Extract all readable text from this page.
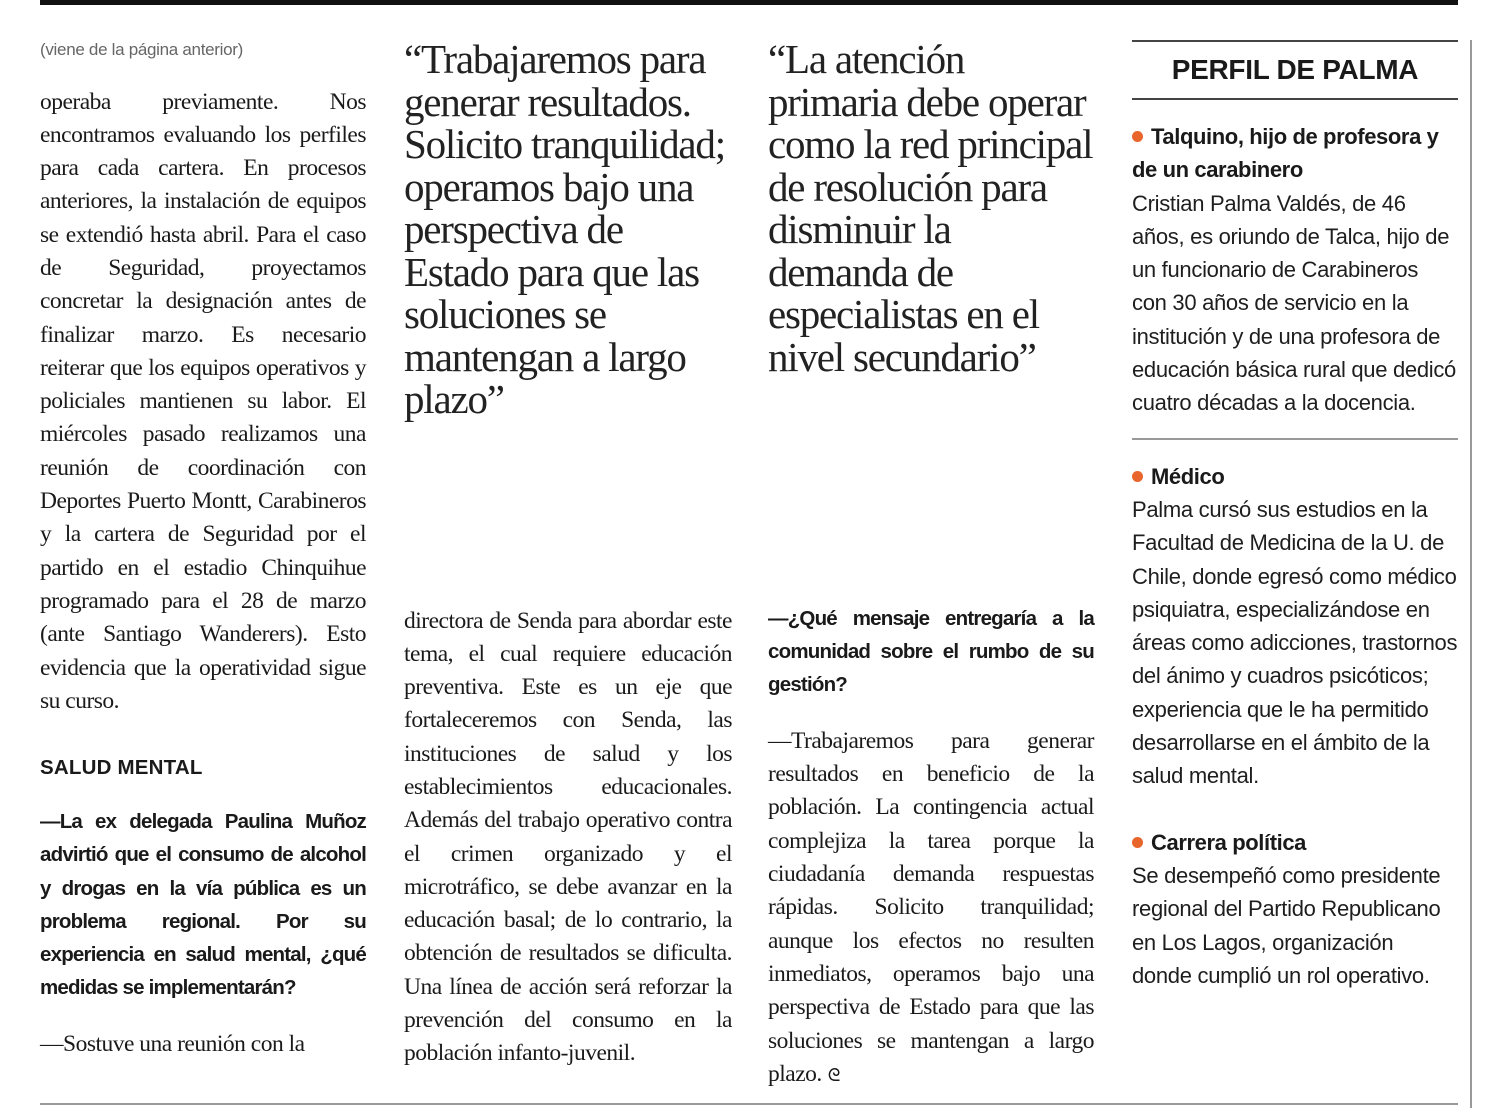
(viene de la página anterior)

operaba previamente. Nos encontramos evaluando los perfiles para cada cartera. En procesos anteriores, la instalación de equipos se extendió hasta abril. Para el caso de Seguridad, proyectamos concretar la designación antes de finalizar marzo. Es necesario reiterar que los equipos operativos y policiales mantienen su labor. El miércoles pasado realizamos una reunión de coordinación con Deportes Puerto Montt, Carabineros y la cartera de Seguridad por el partido en el estadio Chinquihue programado para el 28 de marzo (ante Santiago Wanderers). Esto evidencia que la operatividad sigue su curso.

SALUD MENTAL

—La ex delegada Paulina Muñoz advirtió que el consumo de alcohol y drogas en la vía pública es un problema regional. Por su experiencia en salud mental, ¿qué medidas se implementarán?

—Sostuve una reunión con la

“Trabajaremos para generar resultados. Solicito tranquilidad; operamos bajo una perspectiva de Estado para que las soluciones se mantengan a largo plazo”

directora de Senda para abordar este tema, el cual requiere educación preventiva. Este es un eje que fortaleceremos con Senda, las instituciones de salud y los establecimientos educacionales. Además del trabajo operativo contra el crimen organizado y el microtráfico, se debe avanzar en la educación basal; de lo contrario, la obtención de resultados se dificulta. Una línea de acción será reforzar la prevención del consumo en la población infanto-juvenil.

“La atención primaria debe operar como la red principal de resolución para disminuir la demanda de especialistas en el nivel secundario”

—¿Qué mensaje entregaría a la comunidad sobre el rumbo de su gestión?

—Trabajaremos para generar resultados en beneficio de la población. La contingencia actual complejiza la tarea porque la ciudadanía demanda respuestas rápidas. Solicito tranquilidad; aunque los efectos no resulten inmediatos, operamos bajo una perspectiva de Estado para que las soluciones se mantengan a largo plazo. ᘓ

PERFIL DE PALMA
Talquino, hijo de profesora y de un carabinero
Cristian Palma Valdés, de 46 años, es oriundo de Talca, hijo de un funcionario de Carabineros con 30 años de servicio en la institución y de una profesora de educación básica rural que dedicó cuatro décadas a la docencia.
Médico
Palma cursó sus estudios en la Facultad de Medicina de la U. de Chile, donde egresó como médico psiquiatra, especializándose en áreas como adicciones, trastornos del ánimo y cuadros psicóticos; experiencia que le ha permitido desarrollarse en el ámbito de la salud mental.
Carrera política
Se desempeñó como presidente regional del Partido Republicano en Los Lagos, organización donde cumplió un rol operativo.
